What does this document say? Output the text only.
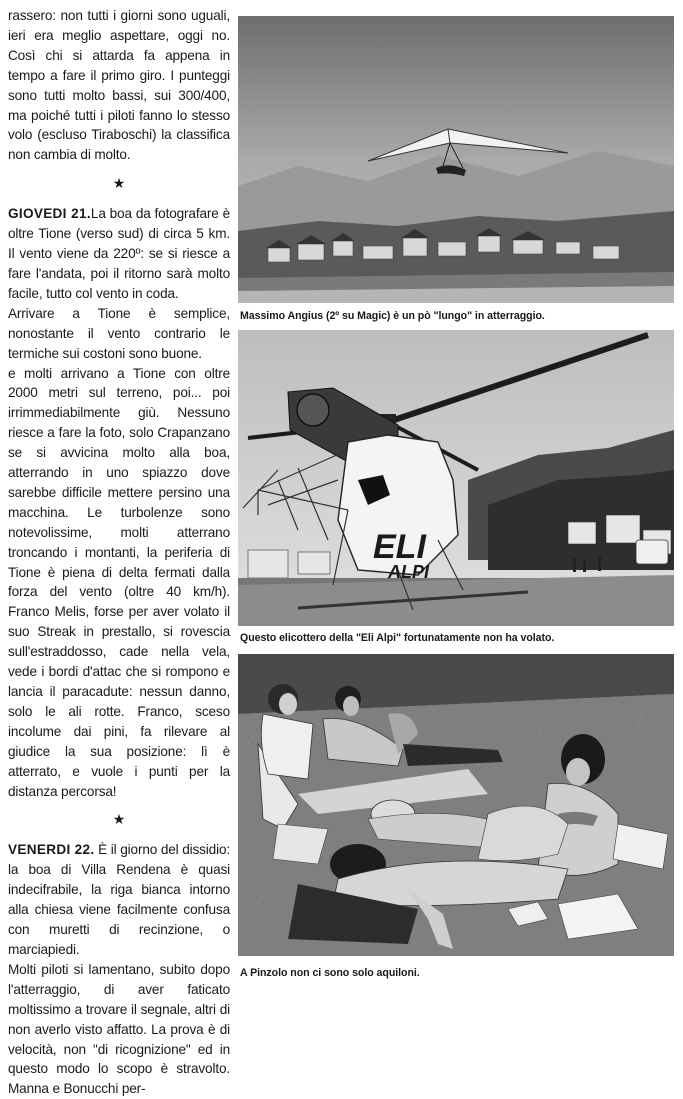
rassero: non tutti i giorni sono uguali, ieri era meglio aspettare, oggi no. Così chi si attarda fa appena in tempo a fare il primo giro. I punteggi sono tutti molto bassi, sui 300/400, ma poiché tutti i piloti fanno lo stesso volo (escluso Tiraboschi) la classifica non cambia di molto.

★

GIOVEDI 21.La boa da fotografare è oltre Tione (verso sud) di circa 5 km. Il vento viene da 220º: se si riesce a fare l'andata, poi il ritorno sarà molto facile, tutto col vento in coda.

Arrivare a Tione è semplice, nonostante il vento contrario le termiche sui costoni sono buone.

e molti arrivano a Tione con oltre 2000 metri sul terreno, poi... poi irrimmediabilmente giù. Nessuno riesce a fare la foto, solo Crapanzano se si avvicina molto alla boa, atterrando in uno spiazzo dove sarebbe difficile mettere persino una macchina. Le turbolenze sono notevolissime, molti atterrano troncando i montanti, la periferia di Tione è piena di delta fermati dalla forza del vento (oltre 40 km/h). Franco Melis, forse per aver volato il suo Streak in prestallo, si rovescia sull'estraddosso, cade nella vela, vede i bordi d'attac che si rompono e lancia il paracadute: nessun danno, solo le ali rotte. Franco, sceso incolume dai pini, fa rilevare al giudice la sua posizione: lì è atterrato, e vuole i punti per la distanza percorsa!

★

VENERDI 22. È il giorno del dissidio: la boa di Villa Rendena è quasi indecifrabile, la riga bianca intorno alla chiesa viene facilmente confusa con muretti di recinzione, o marciapiedi.

Molti piloti si lamentano, subito dopo l'atterraggio, di aver faticato moltissimo a trovare il segnale, altri di non averlo visto affatto. La prova è di velocità, non "di ricognizione" ed in questo modo lo scopo è stravolto. Manna e Bonucchi per-

Massimo Angius (2º su Magic) è un pò "lungo" in atterraggio.
ELI
ALPI
Questo elicottero della "Eli Alpi" fortunatamente non ha volato.
A Pinzolo non ci sono solo aquiloni.
